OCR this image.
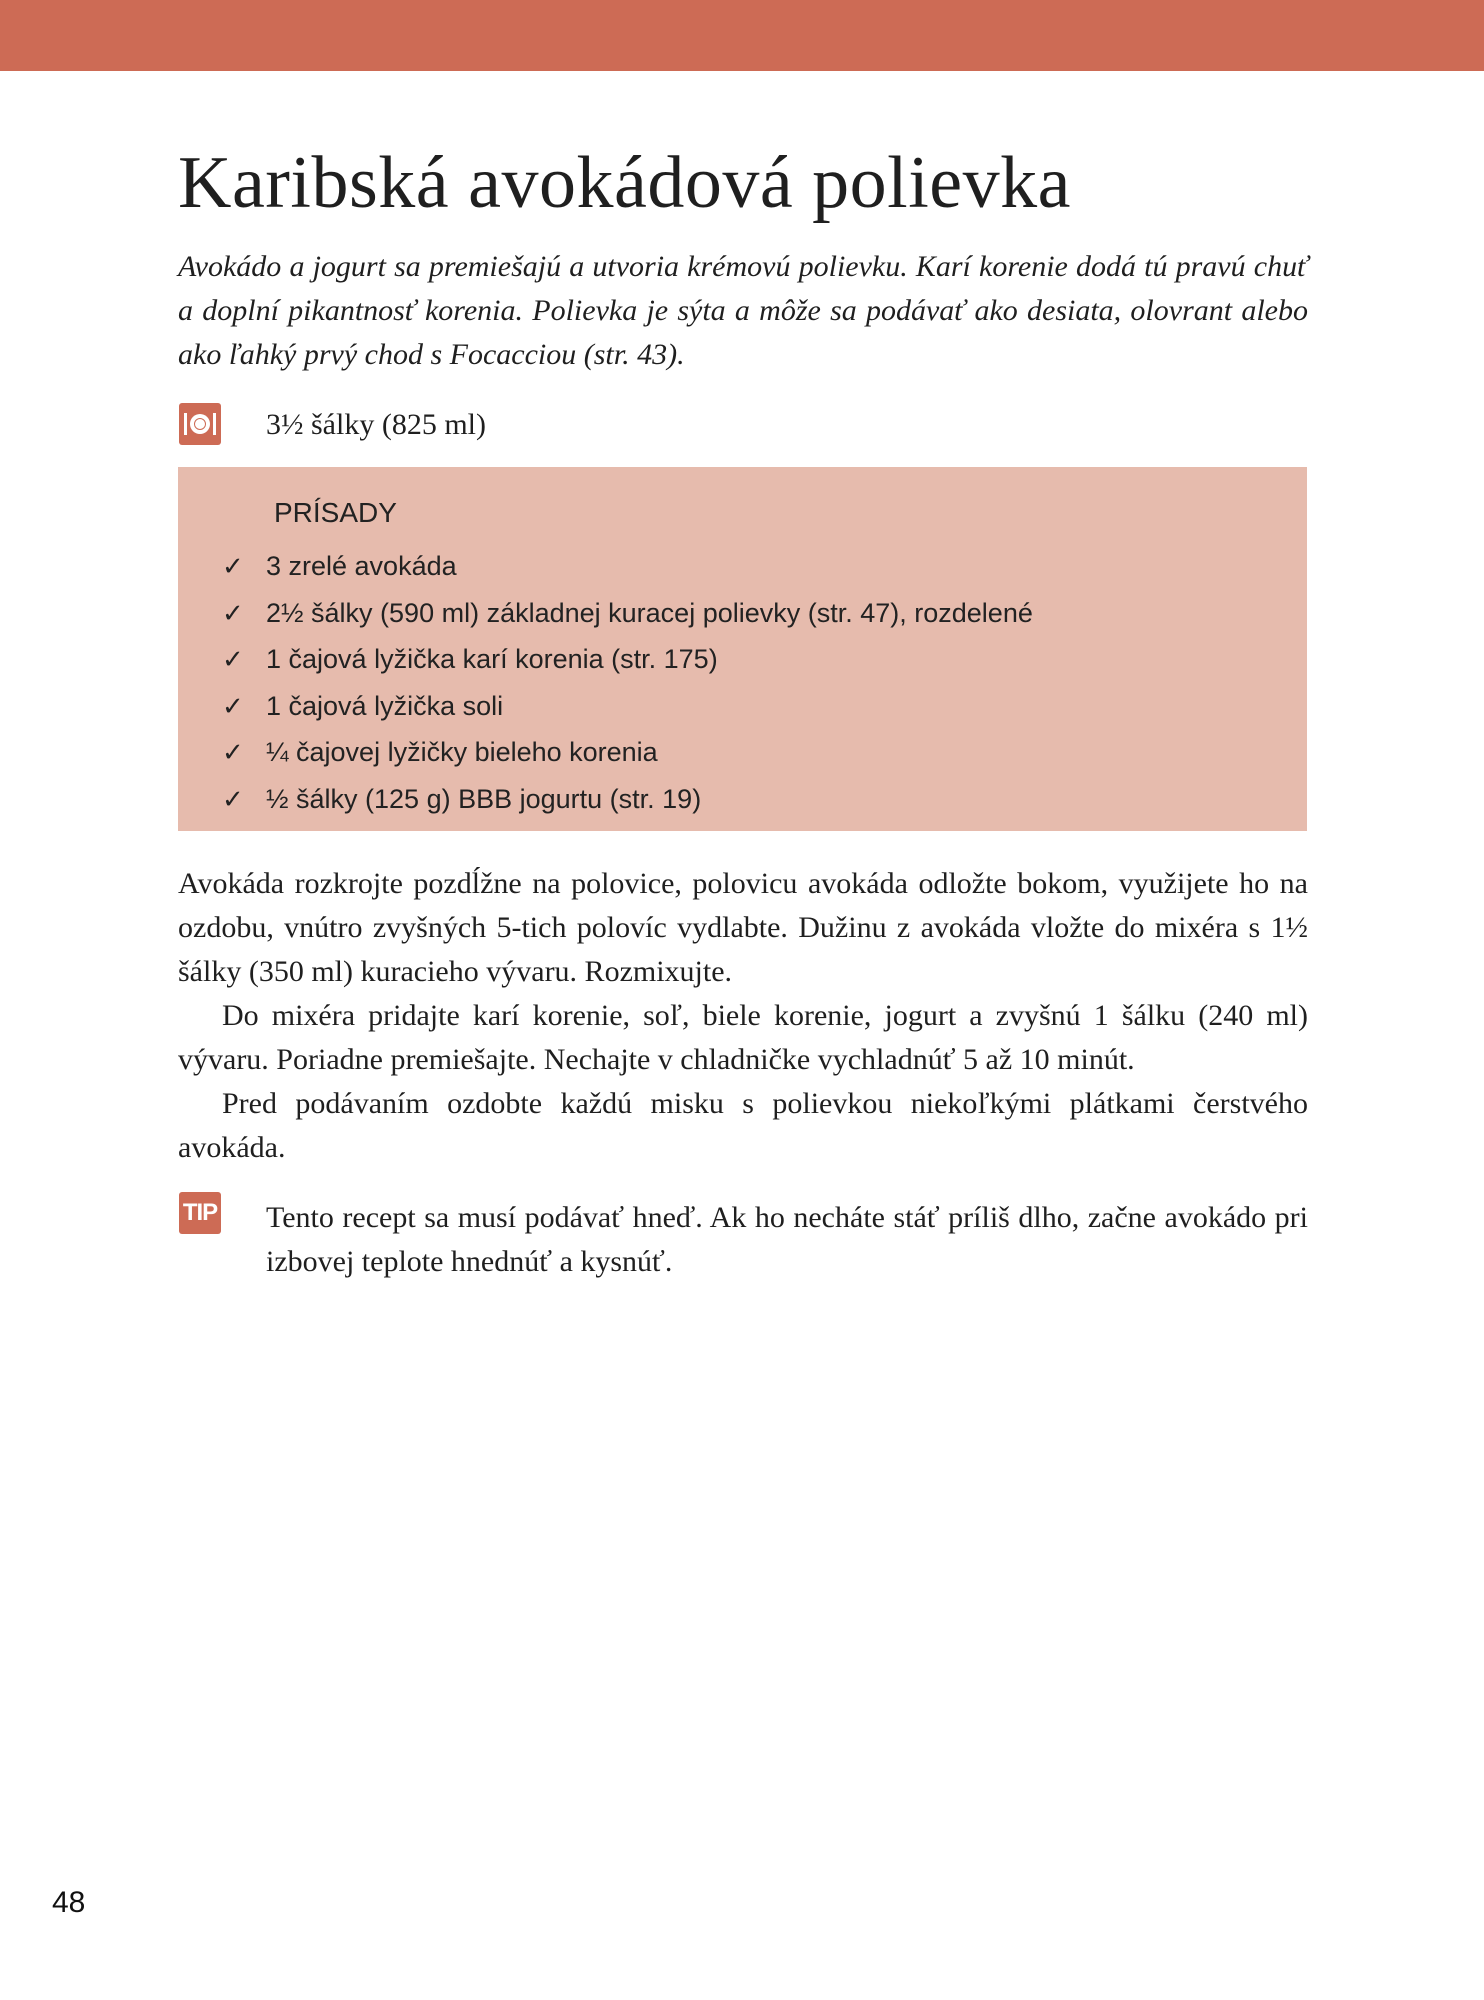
Karibská avokádová polievka

Avokádo a jogurt sa premiešajú a utvoria krémovú polievku. Karí korenie dodá tú pravú chuť a doplní pikantnosť korenia. Polievka je sýta a môže sa podávať ako desiata, olovrant alebo ako ľahký prvý chod s Focacciou (str. 43).

3½ šálky (825 ml)

PRÍSADY
✓ 3 zrelé avokáda
✓ 2½ šálky (590 ml) základnej kuracej polievky (str. 47), rozdelené
✓ 1 čajová lyžička karí korenia (str. 175)
✓ 1 čajová lyžička soli
✓ ¼ čajovej lyžičky bieleho korenia
✓ ½ šálky (125 g) BBB jogurtu (str. 19)

Avokáda rozkrojte pozdĺžne na polovice, polovicu avokáda odložte bokom, využijete ho na ozdobu, vnútro zvyšných 5-tich polovíc vydlabte. Dužinu z avokáda vložte do mixéra s 1½ šálky (350 ml) kuracieho vývaru. Rozmixujte.

Do mixéra pridajte karí korenie, soľ, biele korenie, jogurt a zvyšnú 1 šálku (240 ml) vývaru. Poriadne premiešajte. Nechajte v chladničke vychladnúť 5 až 10 minút.

Pred podávaním ozdobte každú misku s polievkou niekoľkými plátkami čerstvého avokáda.

TIP Tento recept sa musí podávať hneď. Ak ho necháte stáť príliš dlho, začne avokádo pri izbovej teplote hnednúť a kysnúť.

48
